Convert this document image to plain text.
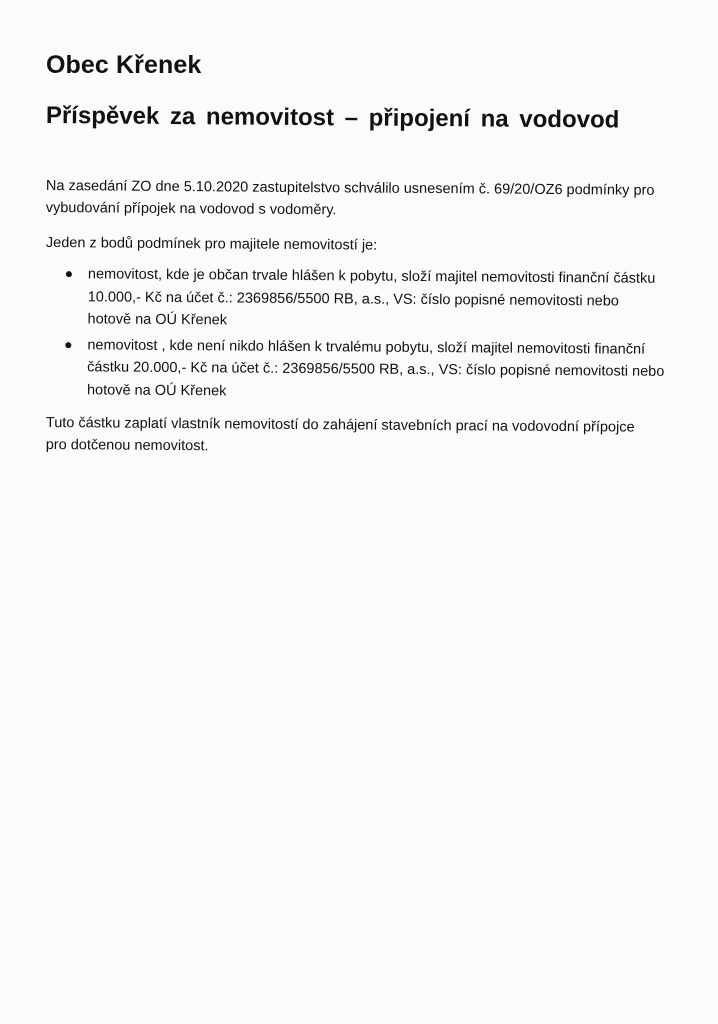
Obec Křenek
Příspěvek za nemovitost – připojení na vodovod

Na zasedání ZO dne 5.10.2020 zastupitelstvo schválilo usnesením č. 69/20/OZ6 podmínky pro vybudování přípojek na vodovod s vodoměry.

Jeden z bodů podmínek pro majitele nemovitostí je:

nemovitost, kde je občan trvale hlášen k pobytu, složí majitel nemovitosti finanční částku 10.000,- Kč na účet č.: 2369856/5500 RB, a.s., VS: číslo popisné nemovitosti nebo hotově na OÚ Křenek
nemovitost , kde není nikdo hlášen k trvalému pobytu, složí majitel nemovitosti finanční částku 20.000,- Kč na účet č.: 2369856/5500 RB, a.s., VS: číslo popisné nemovitosti nebo hotově na OÚ Křenek

Tuto částku zaplatí vlastník nemovitostí do zahájení stavebních prací na vodovodní přípojce pro dotčenou nemovitost.
